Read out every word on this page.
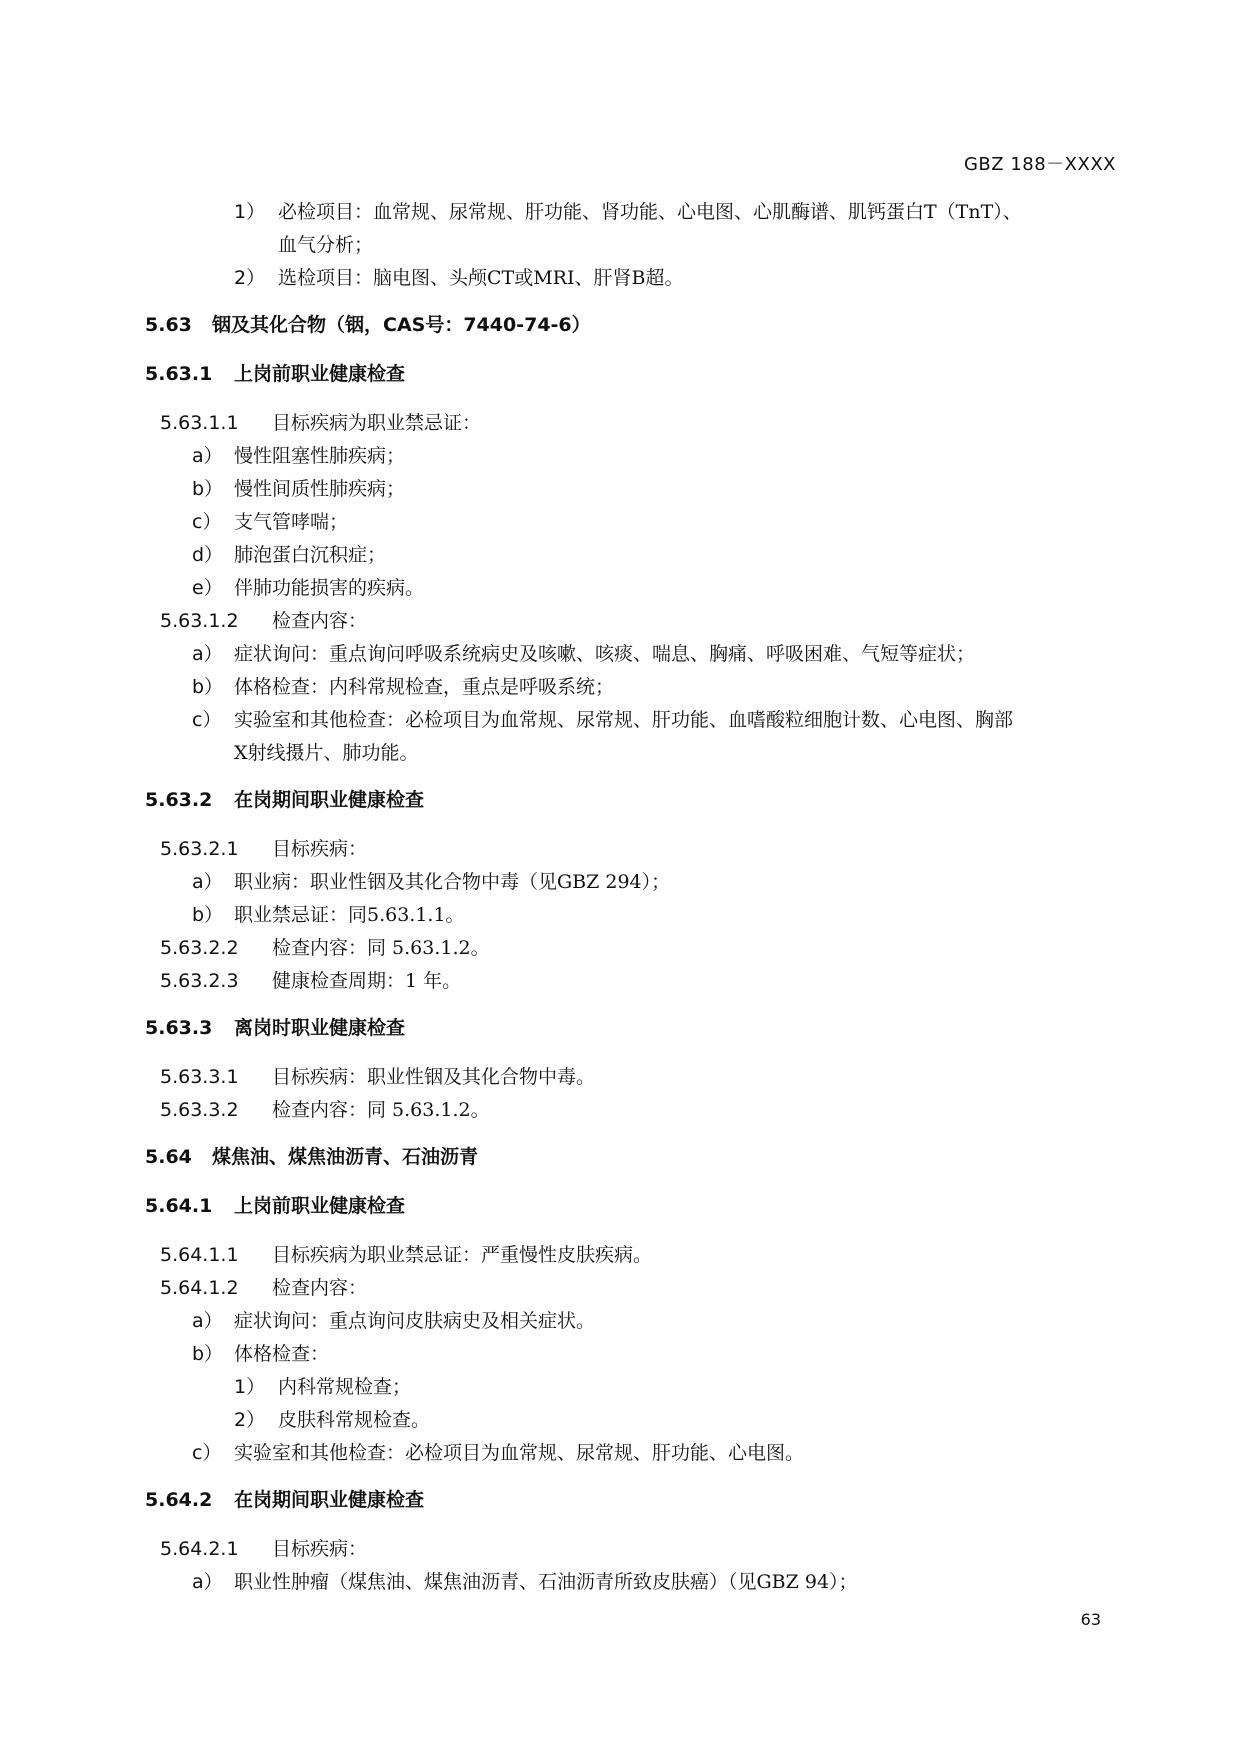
GBZ 188－XXXX
1） 必检项目：血常规、尿常规、肝功能、肾功能、心电图、心肌酶谱、肌钙蛋白T（TnT）、
血气分析；
2） 选检项目：脑电图、头颅CT或MRI、肝肾B超。
5.63 铟及其化合物（铟，CAS号：7440-74-6）
5.63.1 上岗前职业健康检查
5.63.1.1 目标疾病为职业禁忌证：
a） 慢性阻塞性肺疾病；
b） 慢性间质性肺疾病；
c） 支气管哮喘；
d） 肺泡蛋白沉积症；
e） 伴肺功能损害的疾病。
5.63.1.2 检查内容：
a） 症状询问：重点询问呼吸系统病史及咳嗽、咳痰、喘息、胸痛、呼吸困难、气短等症状；
b） 体格检查：内科常规检查，重点是呼吸系统；
c） 实验室和其他检查：必检项目为血常规、尿常规、肝功能、血嗜酸粒细胞计数、心电图、胸部
X射线摄片、肺功能。
5.63.2 在岗期间职业健康检查
5.63.2.1 目标疾病：
a） 职业病：职业性铟及其化合物中毒（见GBZ 294）；
b） 职业禁忌证：同5.63.1.1。
5.63.2.2 检查内容：同 5.63.1.2。
5.63.2.3 健康检查周期：1 年。
5.63.3 离岗时职业健康检查
5.63.3.1 目标疾病：职业性铟及其化合物中毒。
5.63.3.2 检查内容：同 5.63.1.2。
5.64 煤焦油、煤焦油沥青、石油沥青
5.64.1 上岗前职业健康检查
5.64.1.1 目标疾病为职业禁忌证：严重慢性皮肤疾病。
5.64.1.2 检查内容：
a） 症状询问：重点询问皮肤病史及相关症状。
b） 体格检查：
1） 内科常规检查；
2） 皮肤科常规检查。
c） 实验室和其他检查：必检项目为血常规、尿常规、肝功能、心电图。
5.64.2 在岗期间职业健康检查
5.64.2.1 目标疾病：
a） 职业性肿瘤（煤焦油、煤焦油沥青、石油沥青所致皮肤癌）（见GBZ 94）；
63
